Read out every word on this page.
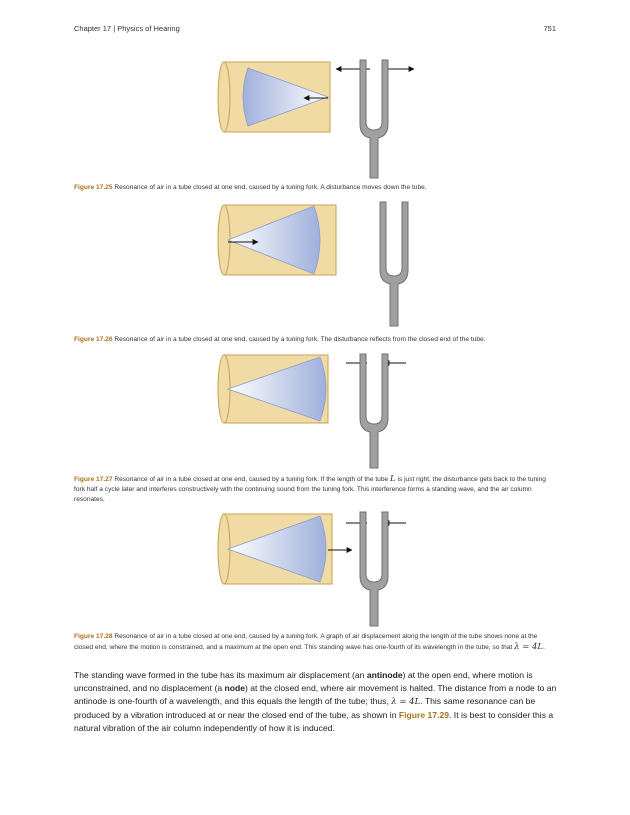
Chapter 17 | Physics of Hearing	751
Figure 17.25 Resonance of air in a tube closed at one end, caused by a tuning fork. A disturbance moves down the tube.
Figure 17.26 Resonance of air in a tube closed at one end, caused by a tuning fork. The disturbance reflects from the closed end of the tube.
Figure 17.27 Resonance of air in a tube closed at one end, caused by a tuning fork. If the length of the tube L is just right, the disturbance gets back to the tuning fork half a cycle later and interferes constructively with the continuing sound from the tuning fork. This interference forms a standing wave, and the air column resonates.
Figure 17.28 Resonance of air in a tube closed at one end, caused by a tuning fork. A graph of air displacement along the length of the tube shows none at the closed end, where the motion is constrained, and a maximum at the open end. This standing wave has one-fourth of its wavelength in the tube, so that λ = 4L.
The standing wave formed in the tube has its maximum air displacement (an antinode) at the open end, where motion is unconstrained, and no displacement (a node) at the closed end, where air movement is halted. The distance from a node to an antinode is one-fourth of a wavelength, and this equals the length of the tube; thus, λ = 4L. This same resonance can be produced by a vibration introduced at or near the closed end of the tube, as shown in Figure 17.29. It is best to consider this a natural vibration of the air column independently of how it is induced.
